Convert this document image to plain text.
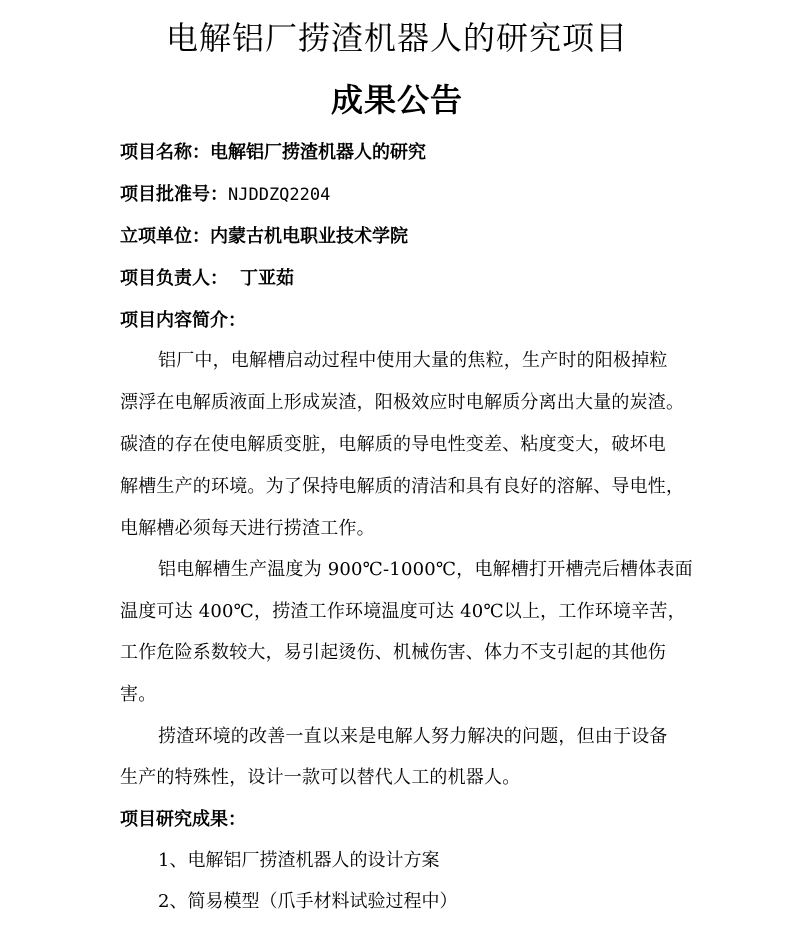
电解铝厂捞渣机器人的研究项目
成果公告
项目名称：电解铝厂捞渣机器人的研究
项目批准号：NJDDZQ2204
立项单位：内蒙古机电职业技术学院
项目负责人： 丁亚茹
项目内容简介：
铝厂中，电解槽启动过程中使用大量的焦粒，生产时的阳极掉粒
漂浮在电解质液面上形成炭渣，阳极效应时电解质分离出大量的炭渣。
碳渣的存在使电解质变脏，电解质的导电性变差、粘度变大，破坏电
解槽生产的环境。为了保持电解质的清洁和具有良好的溶解、导电性，
电解槽必须每天进行捞渣工作。
铝电解槽生产温度为 900℃-1000℃，电解槽打开槽壳后槽体表面
温度可达 400℃，捞渣工作环境温度可达 40℃以上，工作环境辛苦，
工作危险系数较大，易引起烫伤、机械伤害、体力不支引起的其他伤
害。
捞渣环境的改善一直以来是电解人努力解决的问题，但由于设备
生产的特殊性，设计一款可以替代人工的机器人。
项目研究成果：
1、电解铝厂捞渣机器人的设计方案
2、简易模型（爪手材料试验过程中）
